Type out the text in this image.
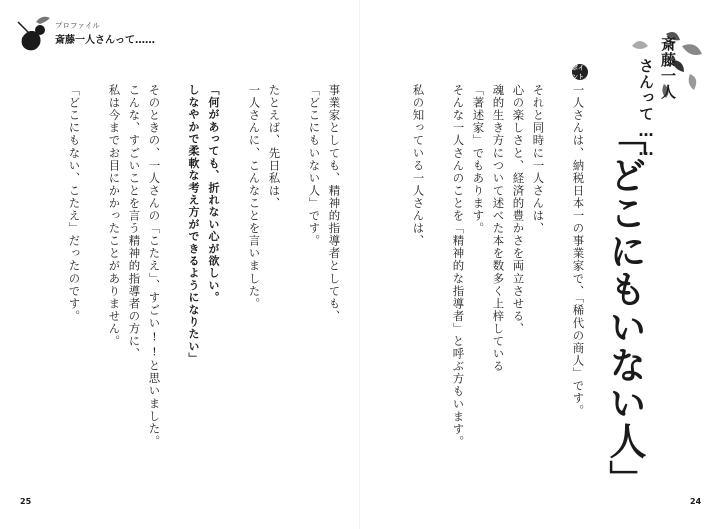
プロファイル
斎藤一人さんって……	斎藤一人
さんって……
「どこにもいない人」
ポイント
一人さんは、納税日本一の事業家で、「稀代の商人」です。
それと同時に一人さんは、
心の楽しさと、経済的豊かさを両立させる、
魂的生き方について述べた本を数多く上梓している
「著述家」でもあります。
そんな一人さんのことを「精神的な指導者」と呼ぶ方もいます。
私の知っている一人さんは、
事業家としても、精神的指導者としても、
「どこにもいない人」です。
たとえば、先日私は、
一人さんに、こんなことを言いました。
「何があっても、折れない心が欲しい。
しなやかで柔軟な考え方ができるようになりたい」
そのときの、一人さんの「こたえ」、すごい!!と思いました。
こんな、すごいことを言う精神的指導者の方に、
私は今までお目にかかったことがありません。
「どこにもない、こたえ」だったのです。
25	24
